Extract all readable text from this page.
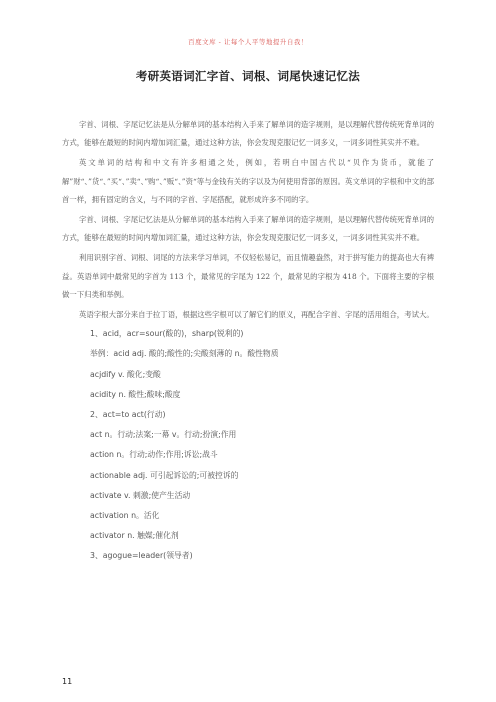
百度文库 - 让每个人平等地提升自我！
考研英语词汇字首、词根、词尾快速记忆法

字首、词根、字尾记忆法是从分解单词的基本结构入手来了解单词的造字规则，是以理解代替传统死背单词的方式，能够在最短的时间内增加词汇量，通过这种方法，你会发现克服记忆一词多义，一词多词性其实并不难。

英文单词的结构和中文有许多相通之处，例如，若明白中国古代以“贝作为货币，就能了解”财“、”货“、”买“、”卖“、”购“、”贩“、”资“等与金钱有关的字以及为何使用背部的原因。英文单词的字根和中文的部首一样，拥有固定的含义，与不同的字首、字尾搭配，就形成许多不同的字。

字首、词根、字尾记忆法是从分解单词的基本结构入手来了解单词的造字规则，是以理解代替传统死背单词的方式，能够在最短的时间内增加词汇量，通过这种方法，你会发现克服记忆一词多义，一词多词性其实并不难。

利用识别字首、词根、词尾的方法来学习单词，不仅轻松易记，而且情趣盎然，对于拼写能力的提高也大有裨益。英语单词中最常见的字首为 113 个，最常见的字尾为 122 个，最常见的字根为 418 个。下面将主要的字根做一下归类和举例。

英语字根大部分来自于拉丁语，根据这些字根可以了解它们的原义，再配合字首、字尾的活用组合，考试大。

1、acid，acr=sour(酸的)，sharp(锐利的)
举例：acid adj. 酸的;酸性的;尖酸刻薄的 n。酸性物质
acjdify v. 酸化;变酸
acidity n. 酸性;酸味;酸度
2、act=to act(行动)
act n。行动;法案;一幕 v。行动;扮演;作用
action n。行动;动作;作用;诉讼;战斗
actionable adj. 可引起诉讼的;可被控诉的
activate v. 刺激;使产生活动
activation n。活化
activator n. 触媒;催化剂
3、agogue=leader(领导者)
11
